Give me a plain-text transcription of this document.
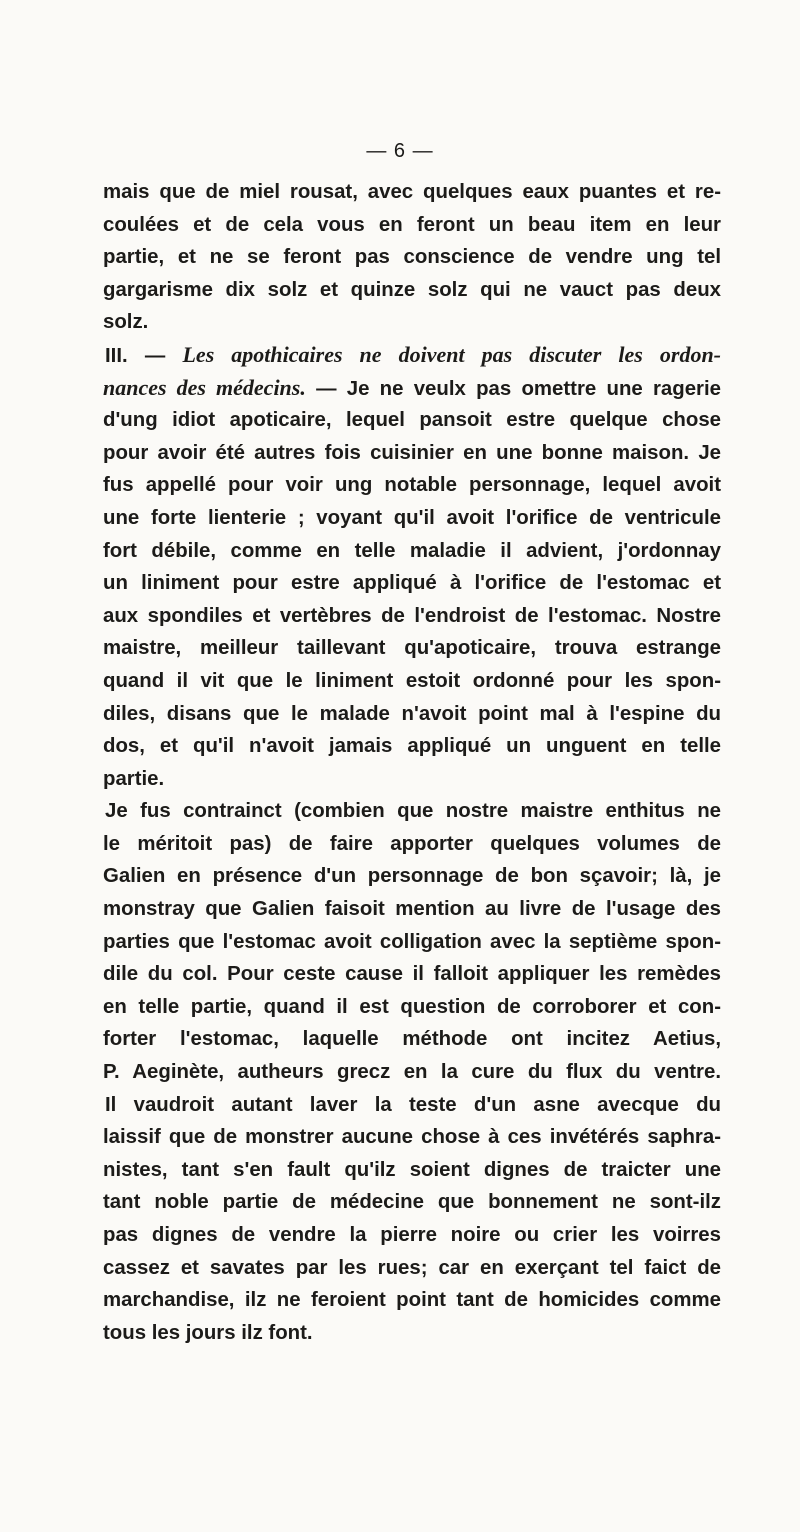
— 6 —
mais que de miel rousat, avec quelques eaux puantes et re-
coulées et de cela vous en feront un beau item en leur
partie, et ne se feront pas conscience de vendre ung tel
gargarisme dix solz et quinze solz qui ne vauct pas deux
solz.
III. — Les apothicaires ne doivent pas discuter les ordon-
nances des médecins. — Je ne veulx pas omettre une ragerie
d'ung idiot apoticaire, lequel pansoit estre quelque chose
pour avoir été autres fois cuisinier en une bonne maison. Je
fus appellé pour voir ung notable personnage, lequel avoit
une forte lienterie ; voyant qu'il avoit l'orifice de ventricule
fort débile, comme en telle maladie il advient, j'ordonnay
un liniment pour estre appliqué à l'orifice de l'estomac et
aux spondiles et vertèbres de l'endroist de l'estomac. Nostre
maistre, meilleur taillevant qu'apoticaire, trouva estrange
quand il vit que le liniment estoit ordonné pour les spon-
diles, disans que le malade n'avoit point mal à l'espine du
dos, et qu'il n'avoit jamais appliqué un unguent en telle
partie.
Je fus contrainct (combien que nostre maistre enthitus ne
le méritoit pas) de faire apporter quelques volumes de
Galien en présence d'un personnage de bon sçavoir; là, je
monstray que Galien faisoit mention au livre de l'usage des
parties que l'estomac avoit colligation avec la septième spon-
dile du col. Pour ceste cause il falloit appliquer les remèdes
en telle partie, quand il est question de corroborer et con-
forter l'estomac, laquelle méthode ont incitez Aetius,
P. Aeginète, autheurs grecz en la cure du flux du ventre.
Il vaudroit autant laver la teste d'un asne avecque du
laissif que de monstrer aucune chose à ces invétérés saphra-
nistes, tant s'en fault qu'ilz soient dignes de traicter une
tant noble partie de médecine que bonnement ne sont-ilz
pas dignes de vendre la pierre noire ou crier les voirres
cassez et savates par les rues; car en exerçant tel faict de
marchandise, ilz ne feroient point tant de homicides comme
tous les jours ilz font.
